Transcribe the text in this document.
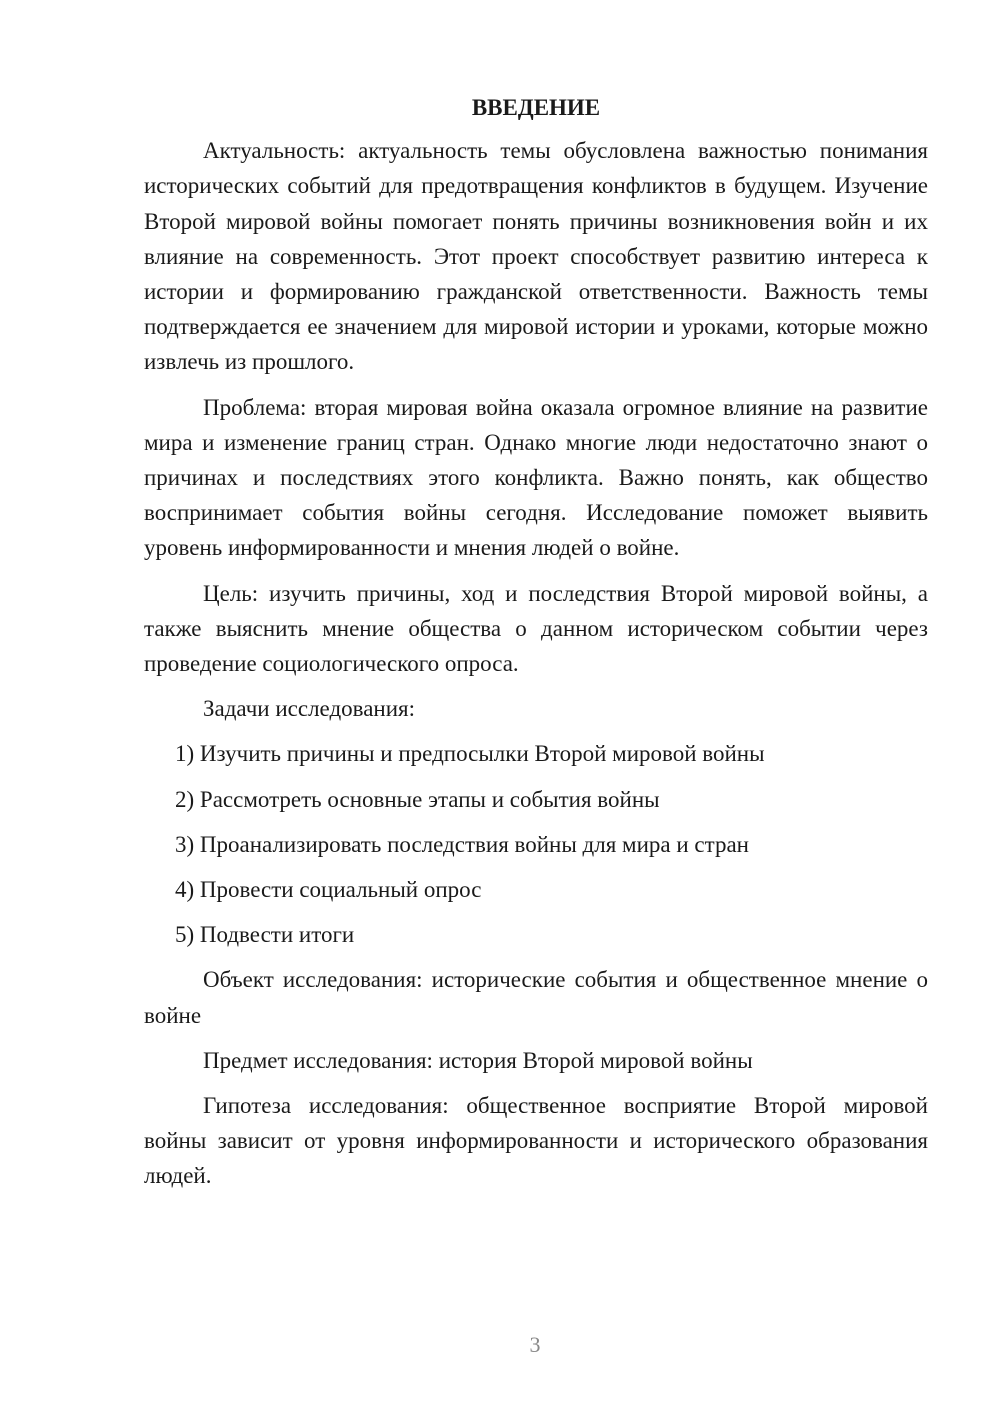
ВВЕДЕНИЕ

Актуальность: актуальность темы обусловлена важностью понимания исторических событий для предотвращения конфликтов в будущем. Изучение Второй мировой войны помогает понять причины возникновения войн и их влияние на современность. Этот проект способствует развитию интереса к истории и формированию гражданской ответственности. Важность темы подтверждается ее значением для мировой истории и уроками, которые можно извлечь из прошлого.

Проблема: вторая мировая война оказала огромное влияние на развитие мира и изменение границ стран. Однако многие люди недостаточно знают о причинах и последствиях этого конфликта. Важно понять, как общество воспринимает события войны сегодня. Исследование поможет выявить уровень информированности и мнения людей о войне.

Цель: изучить причины, ход и последствия Второй мировой войны, а также выяснить мнение общества о данном историческом событии через проведение социологического опроса.

Задачи исследования:

1) Изучить причины и предпосылки Второй мировой войны
2) Рассмотреть основные этапы и события войны
3) Проанализировать последствия войны для мира и стран
4) Провести социальный опрос
5) Подвести итоги

Объект исследования: исторические события и общественное мнение о войне

Предмет исследования: история Второй мировой войны

Гипотеза исследования: общественное восприятие Второй мировой войны зависит от уровня информированности и исторического образования людей.

3
